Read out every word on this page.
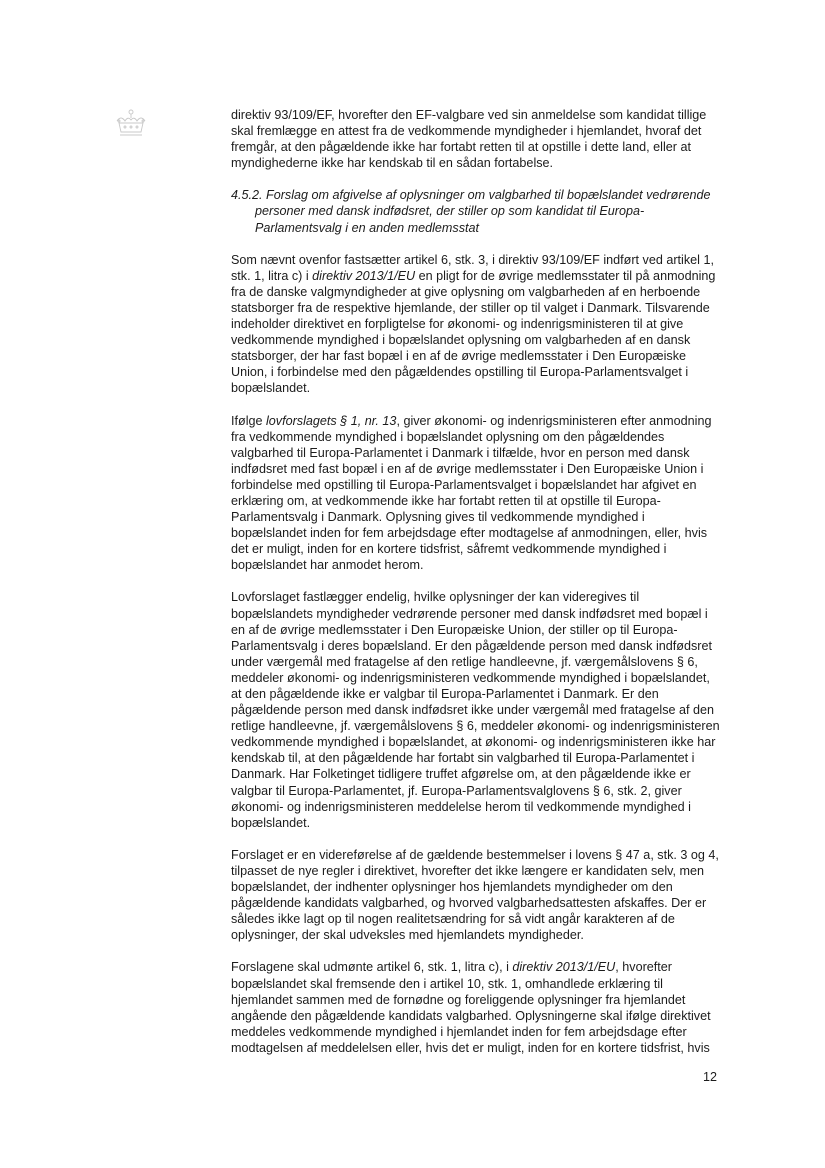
direktiv 93/109/EF, hvorefter den EF-valgbare ved sin anmeldelse som kandidat tillige skal fremlægge en attest fra de vedkommende myndigheder i hjemlandet, hvoraf det fremgår, at den pågældende ikke har fortabt retten til at opstille i dette land, eller at myndighederne ikke har kendskab til en sådan fortabelse.

4.5.2. Forslag om afgivelse af oplysninger om valgbarhed til bopælslandet vedrørende personer med dansk indfødsret, der stiller op som kandidat til Europa-Parlamentsvalg i en anden medlemsstat

Som nævnt ovenfor fastsætter artikel 6, stk. 3, i direktiv 93/109/EF indført ved artikel 1, stk. 1, litra c) i direktiv 2013/1/EU en pligt for de øvrige medlemsstater til på anmodning fra de danske valgmyndigheder at give oplysning om valgbarheden af en herboende statsborger fra de respektive hjemlande, der stiller op til valget i Danmark. Tilsvarende indeholder direktivet en forpligtelse for økonomi- og indenrigsministeren til at give vedkommende myndighed i bopælslandet oplysning om valgbarheden af en dansk statsborger, der har fast bopæl i en af de øvrige medlemsstater i Den Europæiske Union, i forbindelse med den pågældendes opstilling til Europa-Parlamentsvalget i bopælslandet.

Ifølge lovforslagets § 1, nr. 13, giver økonomi- og indenrigsministeren efter anmodning fra vedkommende myndighed i bopælslandet oplysning om den pågældendes valgbarhed til Europa-Parlamentet i Danmark i tilfælde, hvor en person med dansk indfødsret med fast bopæl i en af de øvrige medlemsstater i Den Europæiske Union i forbindelse med opstilling til Europa-Parlamentsvalget i bopælslandet har afgivet en erklæring om, at vedkommende ikke har fortabt retten til at opstille til Europa-Parlamentsvalg i Danmark. Oplysning gives til vedkommende myndighed i bopælslandet inden for fem arbejdsdage efter modtagelse af anmodningen, eller, hvis det er muligt, inden for en kortere tidsfrist, såfremt vedkommende myndighed i bopælslandet har anmodet herom.

Lovforslaget fastlægger endelig, hvilke oplysninger der kan videregives til bopælslandets myndigheder vedrørende personer med dansk indfødsret med bopæl i en af de øvrige medlemsstater i Den Europæiske Union, der stiller op til Europa-Parlamentsvalg i deres bopælsland. Er den pågældende person med dansk indfødsret under værgemål med fratagelse af den retlige handleevne, jf. værgemålslovens § 6, meddeler økonomi- og indenrigsministeren vedkommende myndighed i bopælslandet, at den pågældende ikke er valgbar til Europa-Parlamentet i Danmark. Er den pågældende person med dansk indfødsret ikke under værgemål med fratagelse af den retlige handleevne, jf. værgemålslovens § 6, meddeler økonomi- og indenrigsministeren vedkommende myndighed i bopælslandet, at økonomi- og indenrigsministeren ikke har kendskab til, at den pågældende har fortabt sin valgbarhed til Europa-Parlamentet i Danmark. Har Folketinget tidligere truffet afgørelse om, at den pågældende ikke er valgbar til Europa-Parlamentet, jf. Europa-Parlamentsvalglovens § 6, stk. 2, giver økonomi- og indenrigsministeren meddelelse herom til vedkommende myndighed i bopælslandet.

Forslaget er en videreførelse af de gældende bestemmelser i lovens § 47 a, stk. 3 og 4, tilpasset de nye regler i direktivet, hvorefter det ikke længere er kandidaten selv, men bopælslandet, der indhenter oplysninger hos hjemlandets myndigheder om den pågældende kandidats valgbarhed, og hvorved valgbarhedsattesten afskaffes. Der er således ikke lagt op til nogen realitetsændring for så vidt angår karakteren af de oplysninger, der skal udveksles med hjemlandets myndigheder.

Forslagene skal udmønte artikel 6, stk. 1, litra c), i direktiv 2013/1/EU, hvorefter bopælslandet skal fremsende den i artikel 10, stk. 1, omhandlede erklæring til hjemlandet sammen med de fornødne og foreliggende oplysninger fra hjemlandet angående den pågældende kandidats valgbarhed. Oplysningerne skal ifølge direktivet meddeles vedkommende myndighed i hjemlandet inden for fem arbejdsdage efter modtagelsen af meddelelsen eller, hvis det er muligt, inden for en kortere tidsfrist, hvis

12
